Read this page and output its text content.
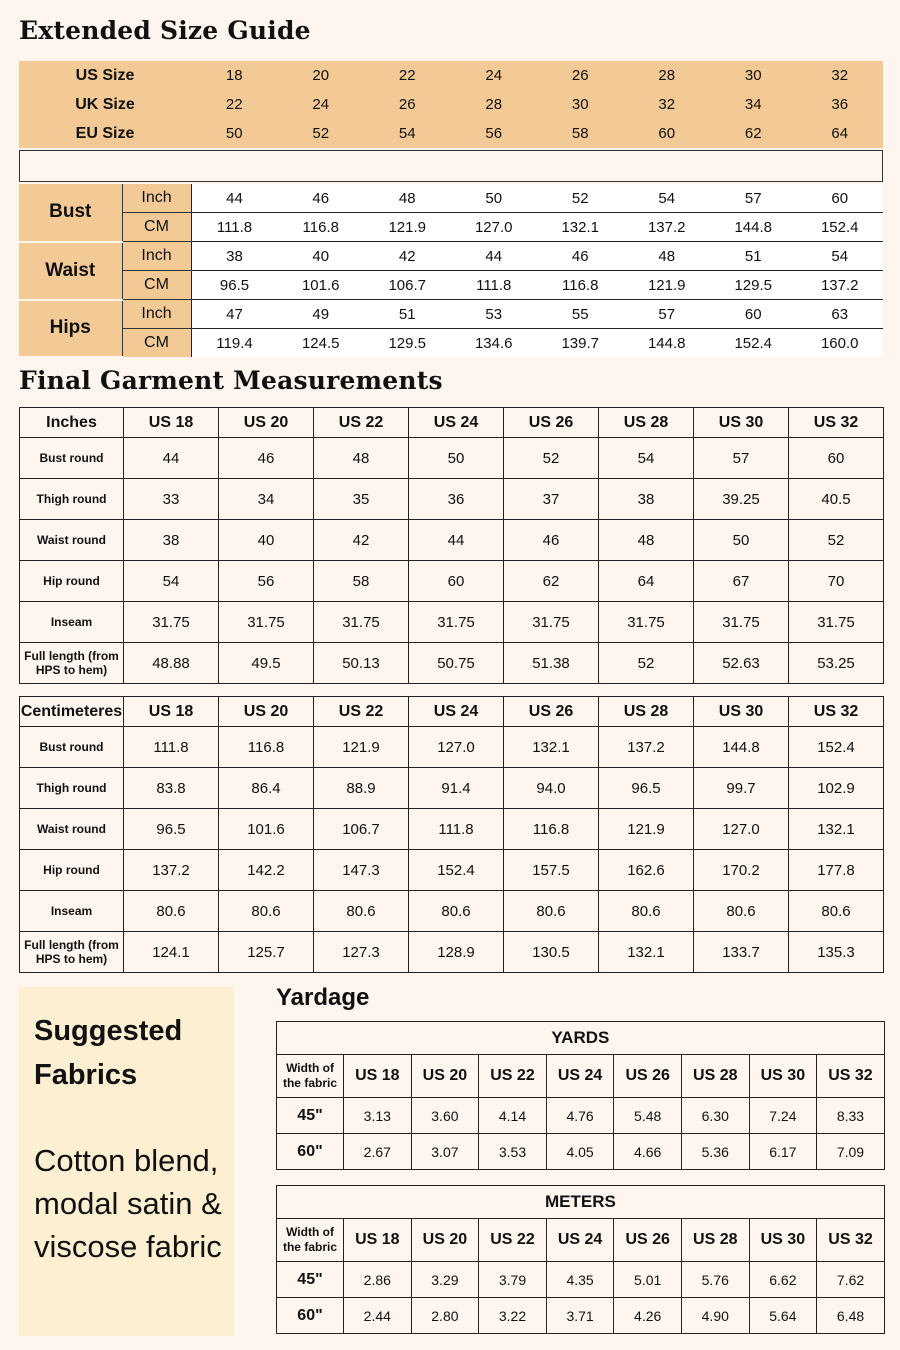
Extended Size Guide
US Size	18	20	22	24	26	28	30	32
UK Size	22	24	26	28	30	32	34	36
EU Size	50	52	54	56	58	60	62	64
Bust	Inch	44	46	48	50	52	54	57	60
	CM	111.8	116.8	121.9	127.0	132.1	137.2	144.8	152.4
Waist	Inch	38	40	42	44	46	48	51	54
	CM	96.5	101.6	106.7	111.8	116.8	121.9	129.5	137.2
Hips	Inch	47	49	51	53	55	57	60	63
	CM	119.4	124.5	129.5	134.6	139.7	144.8	152.4	160.0
Final Garment Measurements
Inches	US 18	US 20	US 22	US 24	US 26	US 28	US 30	US 32
Bust round	44	46	48	50	52	54	57	60
Thigh round	33	34	35	36	37	38	39.25	40.5
Waist round	38	40	42	44	46	48	50	52
Hip round	54	56	58	60	62	64	67	70
Inseam	31.75	31.75	31.75	31.75	31.75	31.75	31.75	31.75
Full length (from HPS to hem)	48.88	49.5	50.13	50.75	51.38	52	52.63	53.25
Centimeteres	US 18	US 20	US 22	US 24	US 26	US 28	US 30	US 32
Bust round	111.8	116.8	121.9	127.0	132.1	137.2	144.8	152.4
Thigh round	83.8	86.4	88.9	91.4	94.0	96.5	99.7	102.9
Waist round	96.5	101.6	106.7	111.8	116.8	121.9	127.0	132.1
Hip round	137.2	142.2	147.3	152.4	157.5	162.6	170.2	177.8
Inseam	80.6	80.6	80.6	80.6	80.6	80.6	80.6	80.6
Full length (from HPS to hem)	124.1	125.7	127.3	128.9	130.5	132.1	133.7	135.3
Suggested Fabrics
Cotton blend, modal satin & viscose fabric
Yardage
YARDS								
Width of the fabric	US 18	US 20	US 22	US 24	US 26	US 28	US 30	US 32
45"	3.13	3.60	4.14	4.76	5.48	6.30	7.24	8.33
60"	2.67	3.07	3.53	4.05	4.66	5.36	6.17	7.09
METERS								
Width of the fabric	US 18	US 20	US 22	US 24	US 26	US 28	US 30	US 32
45"	2.86	3.29	3.79	4.35	5.01	5.76	6.62	7.62
60"	2.44	2.80	3.22	3.71	4.26	4.90	5.64	6.48
